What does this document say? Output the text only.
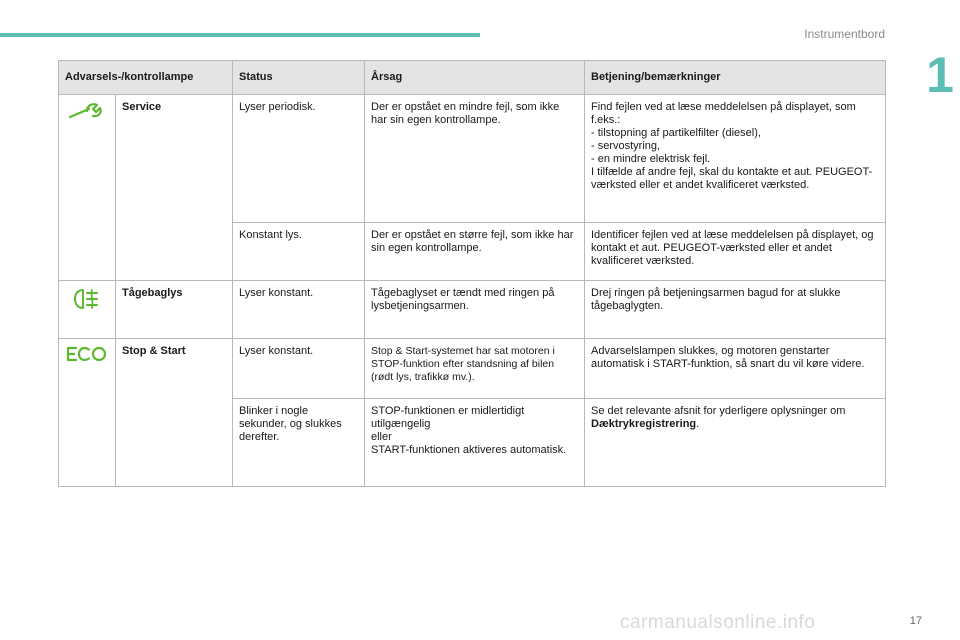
Instrumentbord
1
Advarsels-/kontrollampe		Status	Årsag	Betjening/bemærkninger
	Service	Lyser periodisk.	Der er opstået en mindre fejl, som ikke har sin egen kontrollampe.	Find fejlen ved at læse meddelelsen på displayet, som f.eks.:
- tilstopning af partikelfilter (diesel),
- servostyring,
- en mindre elektrisk fejl.
I tilfælde af andre fejl, skal du kontakte et aut. PEUGEOT-værksted eller et andet kvalificeret værksted.

		Konstant lys.	Der er opstået en større fejl, som ikke har sin egen kontrollampe.	Identificer fejlen ved at læse meddelelsen på displayet, og kontakt et aut. PEUGEOT-værksted eller et andet kvalificeret værksted.
	Tågebaglys	Lyser konstant.	Tågebaglyset er tændt med ringen på lysbetjeningsarmen.	Drej ringen på betjeningsarmen bagud for at slukke tågebaglygten.
	Stop & Start	Lyser konstant.	Stop & Start-systemet har sat motoren i STOP-funktion efter standsning af bilen (rødt lys, trafikkø mv.).	Advarselslampen slukkes, og motoren genstarter automatisk i START-funktion, så snart du vil køre videre.
		Blinker i nogle sekunder, og slukkes derefter.	STOP-funktionen er midlertidigt utilgængelig
eller
START-funktionen aktiveres automatisk.	Se det relevante afsnit for yderligere oplysninger om Dæktrykregistrering.
carmanualsonline.info	17
